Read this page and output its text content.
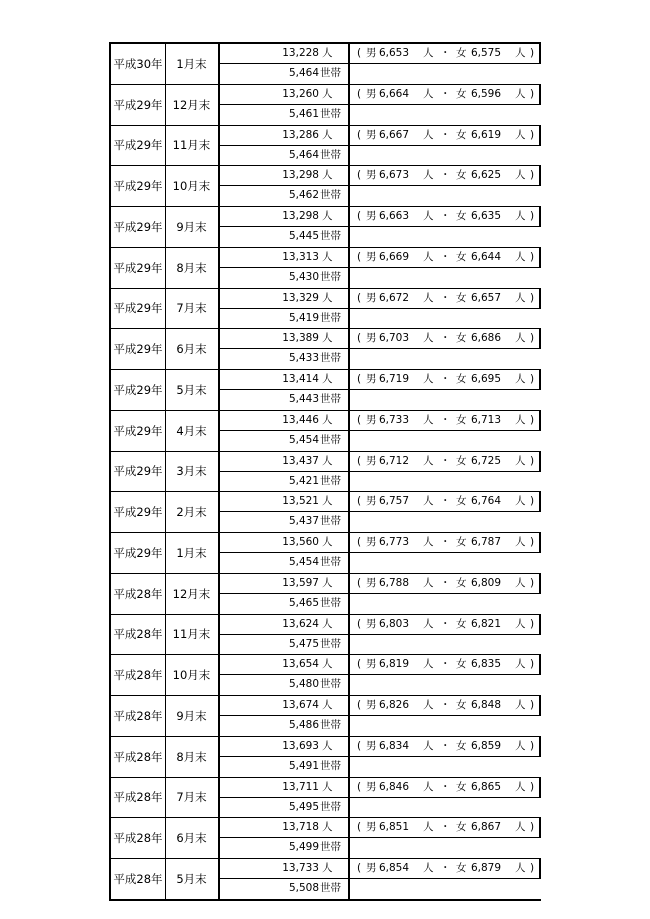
平成30年	1月末
13,228 人 ( 男 6,653 人 ・ 女 6,575 人 )
5,464 世帯
平成29年 12月末
13,260 人 ( 男 6,664 人 ・ 女 6,596 人 )
5,461 世帯
平成29年 11月末
13,286 人 ( 男 6,667 人 ・ 女 6,619 人 )
5,464 世帯
平成29年 10月末
13,298 人 ( 男 6,673 人 ・ 女 6,625 人 )
5,462 世帯
平成29年	9月末
13,298 人 ( 男 6,663 人 ・ 女 6,635 人 )
5,445 世帯
平成29年	8月末
13,313 人 ( 男 6,669 人 ・ 女 6,644 人 )
5,430 世帯
平成29年	7月末
13,329 人 ( 男 6,672 人 ・ 女 6,657 人 )
5,419 世帯
平成29年	6月末
13,389 人 ( 男 6,703 人 ・ 女 6,686 人 )
5,433 世帯
平成29年	5月末
13,414 人 ( 男 6,719 人 ・ 女 6,695 人 )
5,443 世帯
平成29年	4月末
13,446 人 ( 男 6,733 人 ・ 女 6,713 人 )
5,454 世帯
平成29年	3月末
13,437 人 ( 男 6,712 人 ・ 女 6,725 人 )
5,421 世帯
平成29年	2月末
13,521 人 ( 男 6,757 人 ・ 女 6,764 人 )
5,437 世帯
平成29年	1月末
13,560 人 ( 男 6,773 人 ・ 女 6,787 人 )
5,454 世帯
平成28年 12月末
13,597 人 ( 男 6,788 人 ・ 女 6,809 人 )
5,465 世帯
平成28年 11月末
13,624 人 ( 男 6,803 人 ・ 女 6,821 人 )
5,475 世帯
平成28年 10月末
13,654 人 ( 男 6,819 人 ・ 女 6,835 人 )
5,480 世帯
平成28年	9月末
13,674 人 ( 男 6,826 人 ・ 女 6,848 人 )
5,486 世帯
平成28年	8月末
13,693 人 ( 男 6,834 人 ・ 女 6,859 人 )
5,491 世帯
平成28年	7月末
13,711 人 ( 男 6,846 人 ・ 女 6,865 人 )
5,495 世帯
平成28年	6月末
13,718 人 ( 男 6,851 人 ・ 女 6,867 人 )
5,499 世帯
平成28年	5月末
13,733 人 ( 男 6,854 人 ・ 女 6,879 人 )
5,508 世帯
